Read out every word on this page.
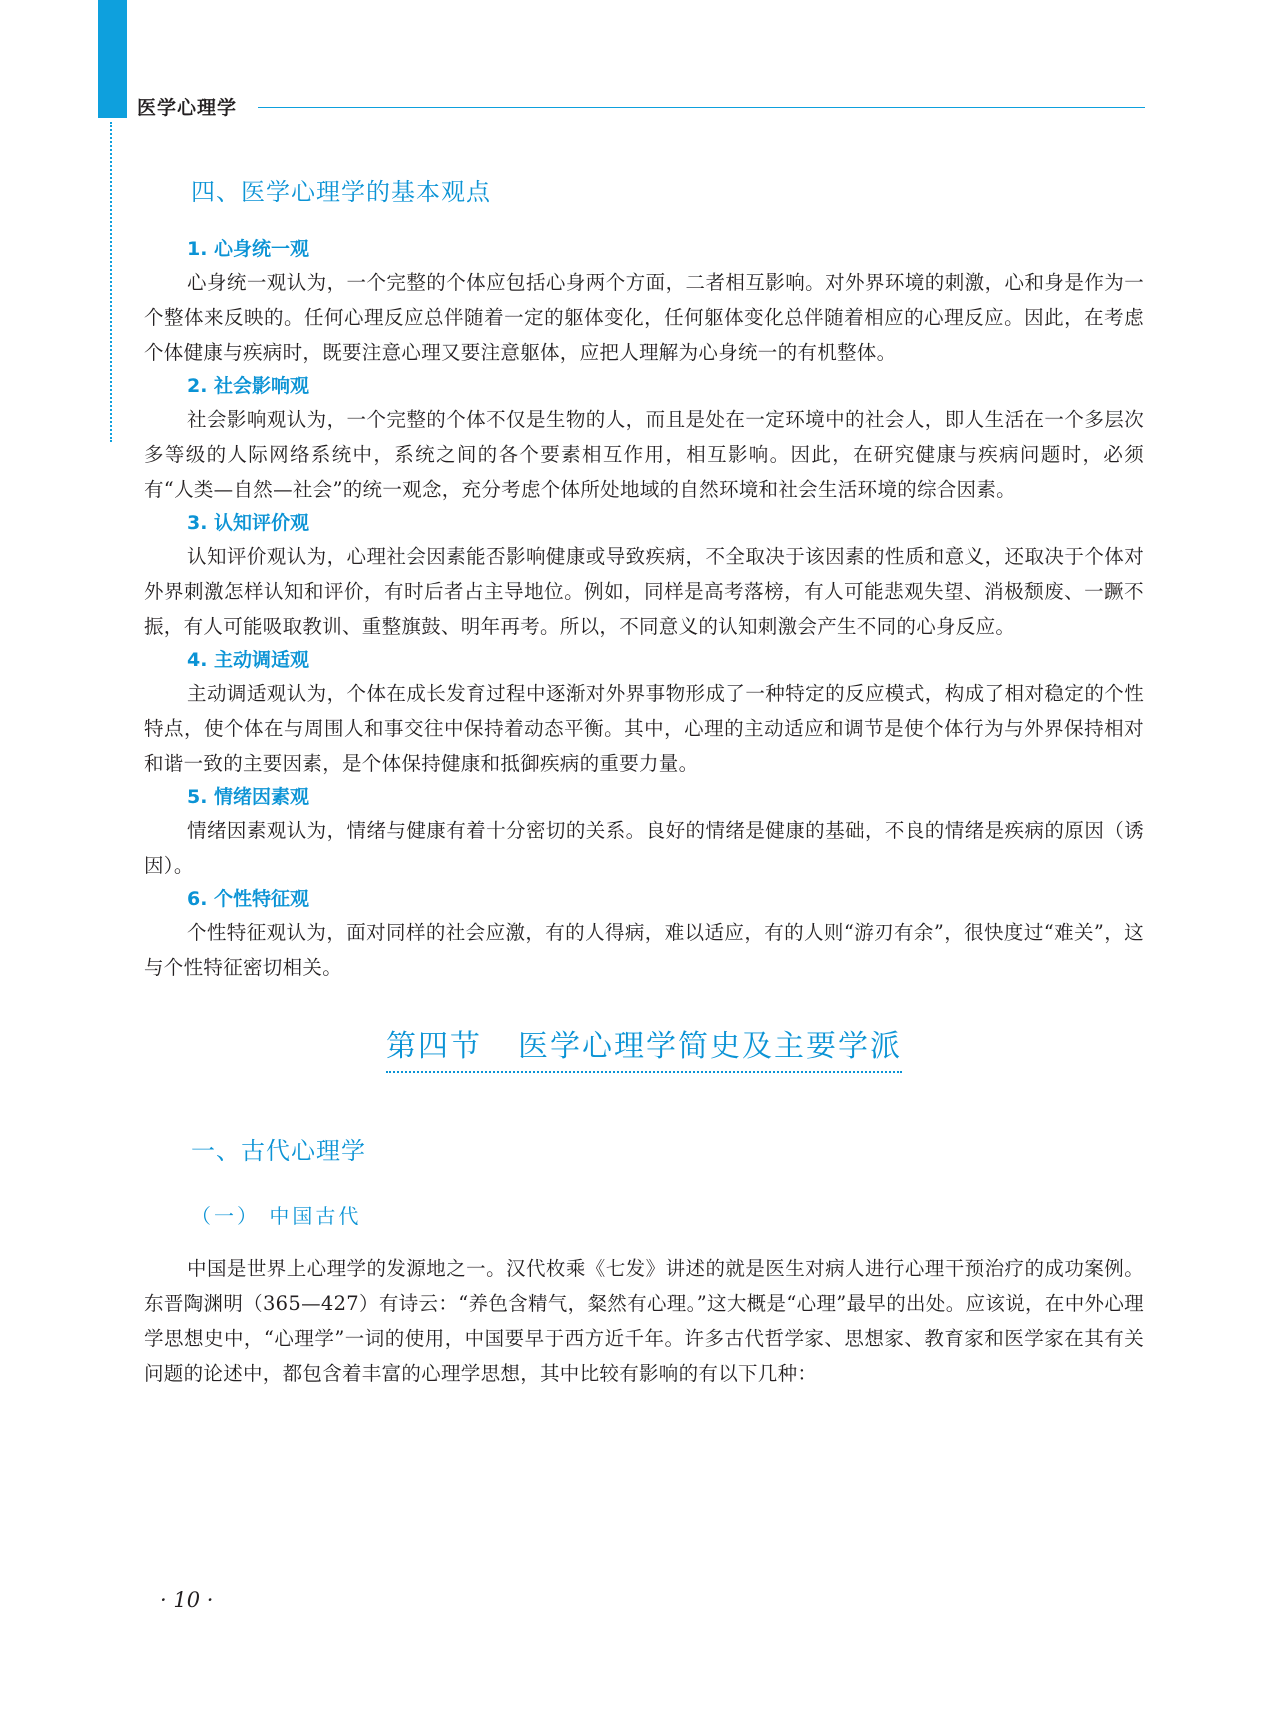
医学心理学
四、医学心理学的基本观点
1. 心身统一观

心身统一观认为，一个完整的个体应包括心身两个方面，二者相互影响。对外界环境的刺激，心和身是作为一个整体来反映的。任何心理反应总伴随着一定的躯体变化，任何躯体变化总伴随着相应的心理反应。因此，在考虑个体健康与疾病时，既要注意心理又要注意躯体，应把人理解为心身统一的有机整体。

2. 社会影响观

社会影响观认为，一个完整的个体不仅是生物的人，而且是处在一定环境中的社会人，即人生活在一个多层次多等级的人际网络系统中，系统之间的各个要素相互作用，相互影响。因此，在研究健康与疾病问题时，必须有“人类—自然—社会”的统一观念，充分考虑个体所处地域的自然环境和社会生活环境的综合因素。

3. 认知评价观

认知评价观认为，心理社会因素能否影响健康或导致疾病，不全取决于该因素的性质和意义，还取决于个体对外界刺激怎样认知和评价，有时后者占主导地位。例如，同样是高考落榜，有人可能悲观失望、消极颓废、一蹶不振，有人可能吸取教训、重整旗鼓、明年再考。所以，不同意义的认知刺激会产生不同的心身反应。

4. 主动调适观

主动调适观认为，个体在成长发育过程中逐渐对外界事物形成了一种特定的反应模式，构成了相对稳定的个性特点，使个体在与周围人和事交往中保持着动态平衡。其中，心理的主动适应和调节是使个体行为与外界保持相对和谐一致的主要因素，是个体保持健康和抵御疾病的重要力量。

5. 情绪因素观

情绪因素观认为，情绪与健康有着十分密切的关系。良好的情绪是健康的基础，不良的情绪是疾病的原因（诱因）。

6. 个性特征观

个性特征观认为，面对同样的社会应激，有的人得病，难以适应，有的人则“游刃有余”，很快度过“难关”，这与个性特征密切相关。

第四节 医学心理学简史及主要学派
一、古代心理学
（一） 中国古代

中国是世界上心理学的发源地之一。汉代枚乘《七发》讲述的就是医生对病人进行心理干预治疗的成功案例。东晋陶渊明（365—427）有诗云：“养色含精气，粲然有心理。”这大概是“心理”最早的出处。应该说，在中外心理学思想史中，“心理学”一词的使用，中国要早于西方近千年。许多古代哲学家、思想家、教育家和医学家在其有关问题的论述中，都包含着丰富的心理学思想，其中比较有影响的有以下几种：

· 10 ·
